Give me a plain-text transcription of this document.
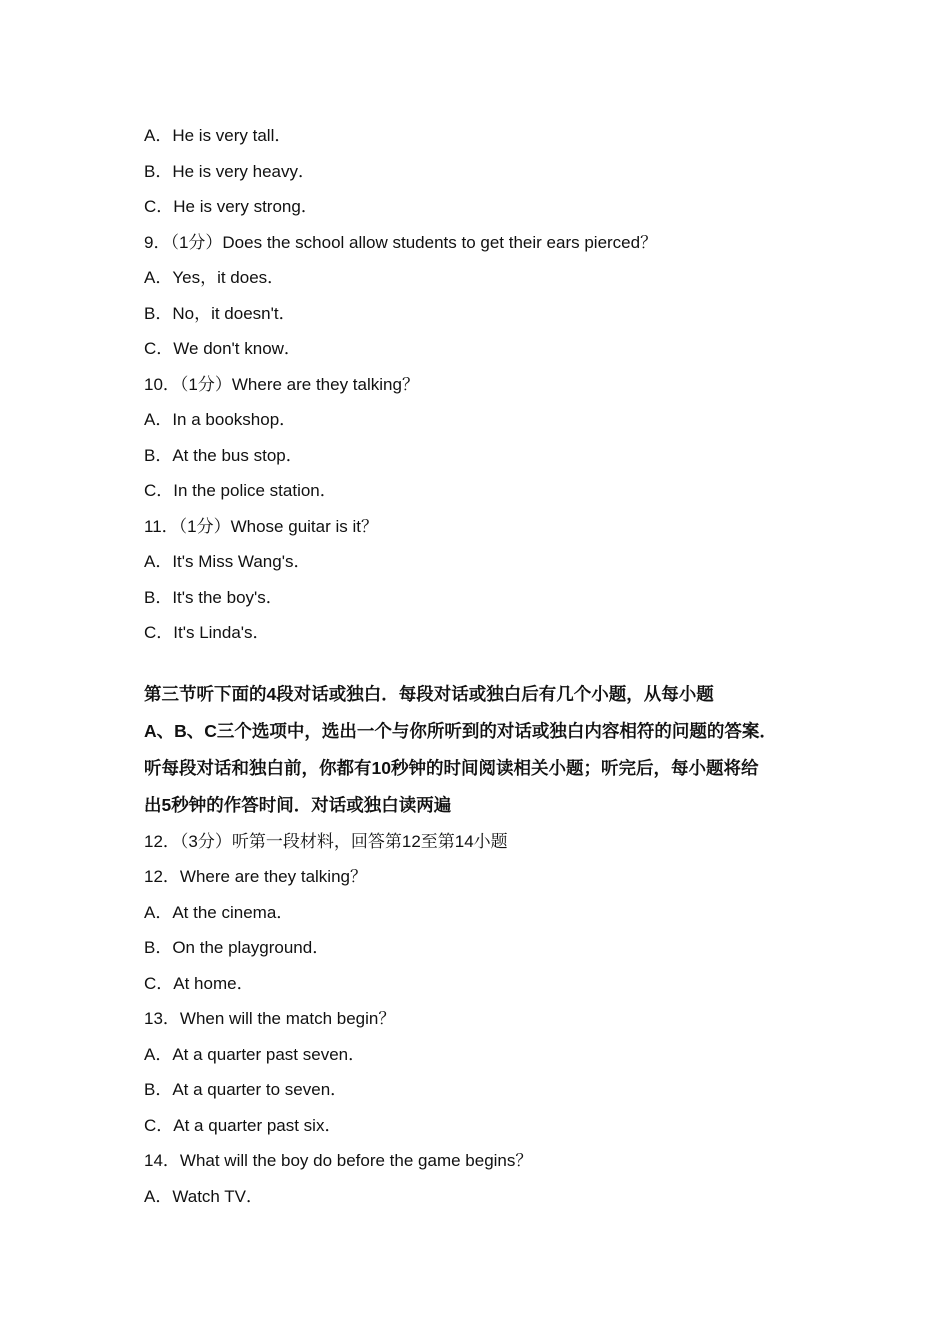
A．He is very tall．
B．He is very heavy．
C．He is very strong．
9．（1分）Does the school allow students to get their ears pierced？
A．Yes，it does．
B．No，it doesn't．
C．We don't know．
10．（1分）Where are they talking？
A．In a bookshop．
B．At the bus stop．
C．In the police station．
11．（1分）Whose guitar is it？
A．It's Miss Wang's．
B．It's the boy's．
C．It's Linda's．
第三节听下面的4段对话或独白．每段对话或独白后有几个小题，从每小题
A、B、C三个选项中，选出一个与你所听到的对话或独白内容相符的问题的答案．
听每段对话和独白前，你都有10秒钟的时间阅读相关小题；听完后，每小题将给
出5秒钟的作答时间．对话或独白读两遍
12．（3分）听第一段材料，回答第12至第14小题
12．Where are they talking？
A．At the cinema．
B．On the playground．
C．At home．
13．When will the match begin？
A．At a quarter past seven．
B．At a quarter to seven．
C．At a quarter past six．
14．What will the boy do before the game begins？
A．Watch TV．
